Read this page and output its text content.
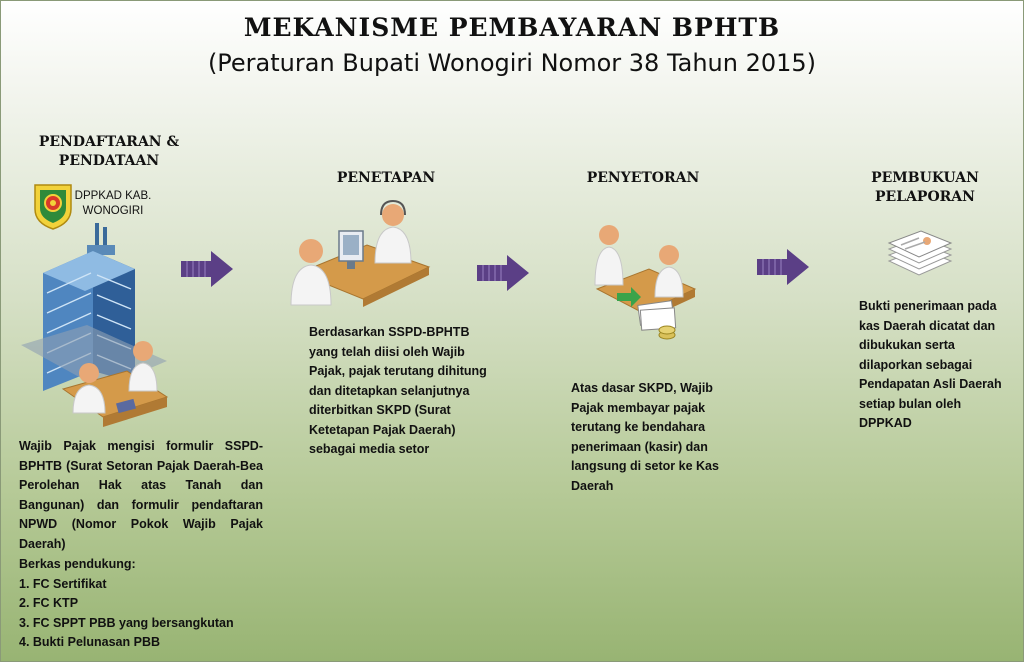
MEKANISME PEMBAYARAN BPHTB
(Peraturan Bupati Wonogiri Nomor 38 Tahun 2015)
PENDAFTARAN &
PENDATAAN
DPPKAD KAB.
WONOGIRI
Wajib Pajak mengisi formulir SSPD-BPHTB (Surat Setoran Pajak Daerah-Bea Perolehan Hak atas Tanah dan Bangunan) dan formulir pendaftaran NPWD (Nomor Pokok Wajib Pajak Daerah)
Berkas pendukung:
1. FC Sertifikat
2. FC KTP
3. FC SPPT PBB yang bersangkutan
4. Bukti Pelunasan PBB
PENETAPAN
Berdasarkan SSPD-BPHTB yang telah diisi oleh Wajib Pajak, pajak terutang dihitung dan ditetapkan selanjutnya diterbitkan SKPD (Surat Ketetapan Pajak Daerah) sebagai media setor
PENYETORAN
Atas dasar SKPD, Wajib Pajak membayar pajak terutang ke bendahara penerimaan (kasir) dan langsung di setor ke Kas Daerah
PEMBUKUAN
PELAPORAN
Bukti penerimaan pada kas Daerah dicatat dan dibukukan serta dilaporkan sebagai Pendapatan Asli Daerah setiap bulan oleh DPPKAD
